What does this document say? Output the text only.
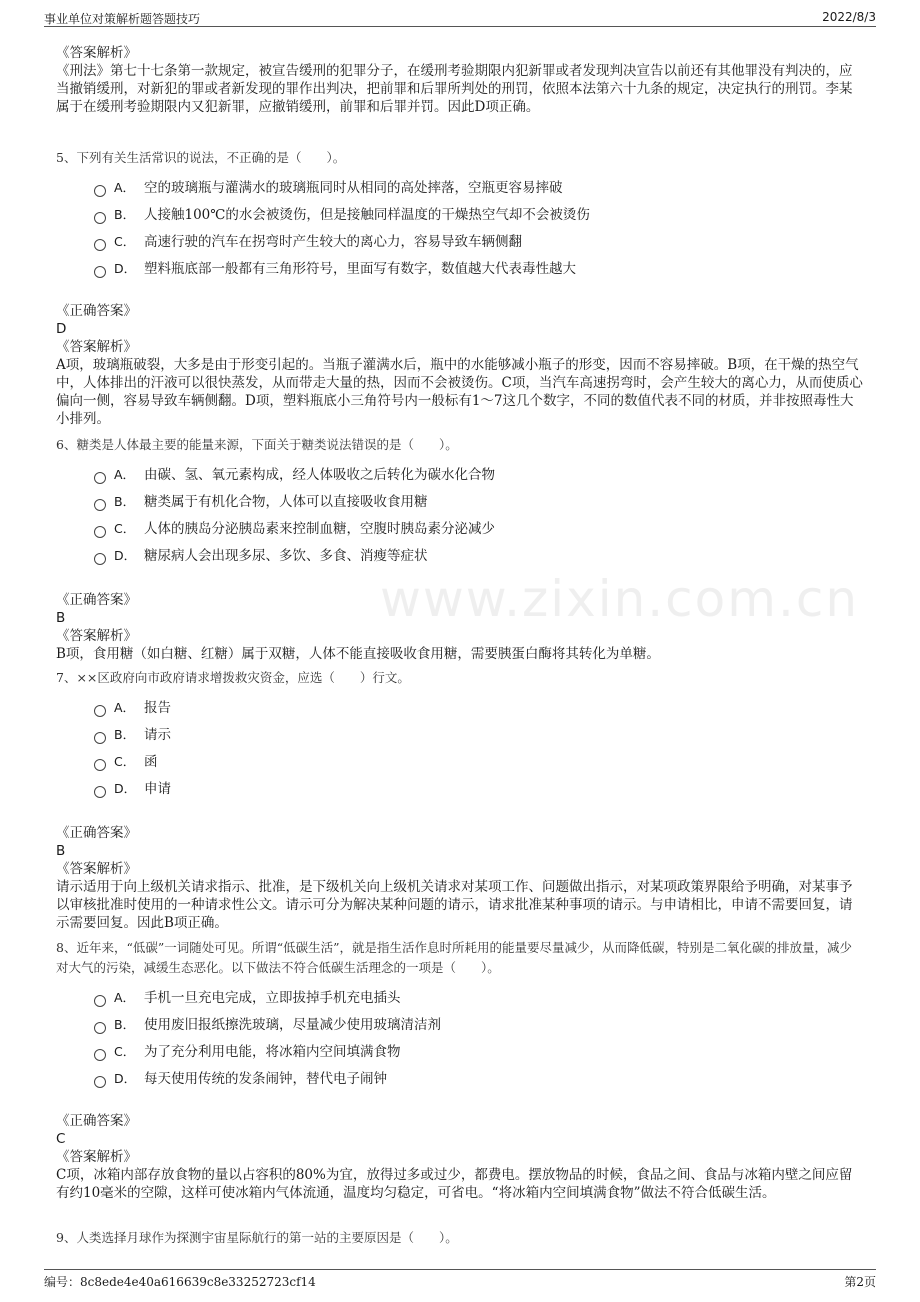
事业单位对策解析题答题技巧	2022/8/3
www.zixin.com.cn

《答案解析》

《刑法》第七十七条第一款规定，被宣告缓刑的犯罪分子，在缓刑考验期限内犯新罪或者发现判决宣告以前还有其他罪没有判决的，应当撤销缓刑，对新犯的罪或者新发现的罪作出判决，把前罪和后罪所判处的刑罚，依照本法第六十九条的规定，决定执行的刑罚。李某属于在缓刑考验期限内又犯新罪，应撤销缓刑，前罪和后罪并罚。因此D项正确。

5、下列有关生活常识的说法，不正确的是（　　）。

A． 空的玻璃瓶与灌满水的玻璃瓶同时从相同的高处摔落，空瓶更容易摔破
B． 人接触100℃的水会被烫伤，但是接触同样温度的干燥热空气却不会被烫伤
C． 高速行驶的汽车在拐弯时产生较大的离心力，容易导致车辆侧翻
D． 塑料瓶底部一般都有三角形符号，里面写有数字，数值越大代表毒性越大

《正确答案》

D

《答案解析》

A项，玻璃瓶破裂，大多是由于形变引起的。当瓶子灌满水后，瓶中的水能够减小瓶子的形变，因而不容易摔破。B项，在干燥的热空气中，人体排出的汗液可以很快蒸发，从而带走大量的热，因而不会被烫伤。C项，当汽车高速拐弯时，会产生较大的离心力，从而使质心偏向一侧，容易导致车辆侧翻。D项，塑料瓶底小三角符号内一般标有1～7这几个数字，不同的数值代表不同的材质，并非按照毒性大小排列。

6、糖类是人体最主要的能量来源，下面关于糖类说法错误的是（　　）。

A． 由碳、氢、氧元素构成，经人体吸收之后转化为碳水化合物
B． 糖类属于有机化合物，人体可以直接吸收食用糖
C． 人体的胰岛分泌胰岛素来控制血糖，空腹时胰岛素分泌减少
D． 糖尿病人会出现多尿、多饮、多食、消瘦等症状

《正确答案》

B

《答案解析》

B项，食用糖（如白糖、红糖）属于双糖，人体不能直接吸收食用糖，需要胰蛋白酶将其转化为单糖。

7、××区政府向市政府请求增拨救灾资金，应选（　　）行文。

A． 报告
B． 请示
C． 函
D． 申请

《正确答案》

B

《答案解析》

请示适用于向上级机关请求指示、批准，是下级机关向上级机关请求对某项工作、问题做出指示，对某项政策界限给予明确，对某事予以审核批准时使用的一种请求性公文。请示可分为解决某种问题的请示，请求批准某种事项的请示。与申请相比，申请不需要回复，请示需要回复。因此B项正确。

8、近年来，“低碳”一词随处可见。所谓“低碳生活”，就是指生活作息时所耗用的能量要尽量减少，从而降低碳，特别是二氧化碳的排放量，减少对大气的污染，减缓生态恶化。以下做法不符合低碳生活理念的一项是（　　）。

A． 手机一旦充电完成，立即拔掉手机充电插头
B． 使用废旧报纸擦洗玻璃，尽量减少使用玻璃清洁剂
C． 为了充分利用电能，将冰箱内空间填满食物
D． 每天使用传统的发条闹钟，替代电子闹钟

《正确答案》

C

《答案解析》

C项，冰箱内部存放食物的量以占容积的80%为宜，放得过多或过少，都费电。摆放物品的时候，食品之间、食品与冰箱内壁之间应留有约10毫米的空隙，这样可使冰箱内气体流通，温度均匀稳定，可省电。“将冰箱内空间填满食物”做法不符合低碳生活。

9、人类选择月球作为探测宇宙星际航行的第一站的主要原因是（　　）。

编号：8c8ede4e40a616639c8e33252723cf14	第2页
